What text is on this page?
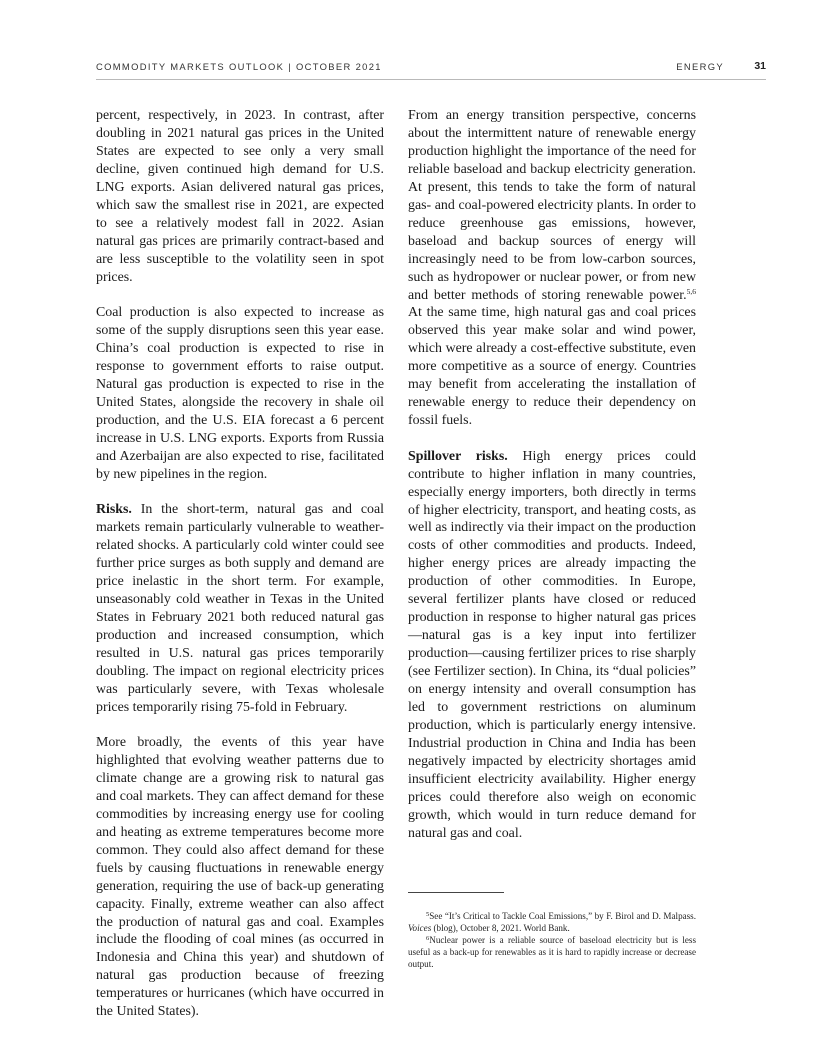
COMMODITY MARKETS OUTLOOK | OCTOBER 2021	ENERGY	31

percent, respectively, in 2023. In contrast, after doubling in 2021 natural gas prices in the United States are expected to see only a very small decline, given continued high demand for U.S. LNG exports. Asian delivered natural gas prices, which saw the smallest rise in 2021, are expected to see a relatively modest fall in 2022. Asian natural gas prices are primarily contract-based and are less susceptible to the volatility seen in spot prices.

Coal production is also expected to increase as some of the supply disruptions seen this year ease. China’s coal production is expected to rise in response to government efforts to raise output. Natural gas production is expected to rise in the United States, alongside the recovery in shale oil production, and the U.S. EIA forecast a 6 percent increase in U.S. LNG exports. Exports from Russia and Azerbaijan are also expected to rise, facilitated by new pipelines in the region.

Risks. In the short-term, natural gas and coal markets remain particularly vulnerable to weather-related shocks. A particularly cold winter could see further price surges as both supply and demand are price inelastic in the short term. For example, unseasonably cold weather in Texas in the United States in February 2021 both reduced natural gas production and increased consumption, which resulted in U.S. natural gas prices temporarily doubling. The impact on regional electricity prices was particularly severe, with Texas wholesale prices temporarily rising 75-fold in February.

More broadly, the events of this year have highlighted that evolving weather patterns due to climate change are a growing risk to natural gas and coal markets. They can affect demand for these commodities by increasing energy use for cooling and heating as extreme temperatures become more common. They could also affect demand for these fuels by causing fluctuations in renewable energy generation, requiring the use of back-up generating capacity. Finally, extreme weather can also affect the production of natural gas and coal. Examples include the flooding of coal mines (as occurred in Indonesia and China this year) and shutdown of natural gas production because of freezing temperatures or hurricanes (which have occurred in the United States).

From an energy transition perspective, concerns about the intermittent nature of renewable energy production highlight the importance of the need for reliable baseload and backup electricity generation. At present, this tends to take the form of natural gas- and coal-powered electricity plants. In order to reduce greenhouse gas emissions, however, baseload and backup sources of energy will increasingly need to be from low-carbon sources, such as hydropower or nuclear power, or from new and better methods of storing renewable power.$^{5,6}$ At the same time, high natural gas and coal prices observed this year make solar and wind power, which were already a cost-effective substitute, even more competitive as a source of energy. Countries may benefit from accelerating the installation of renewable energy to reduce their dependency on fossil fuels.

Spillover risks. High energy prices could contribute to higher inflation in many countries, especially energy importers, both directly in terms of higher electricity, transport, and heating costs, as well as indirectly via their impact on the production costs of other commodities and products. Indeed, higher energy prices are already impacting the production of other commodities. In Europe, several fertilizer plants have closed or reduced production in response to higher natural gas prices—natural gas is a key input into fertilizer production—causing fertilizer prices to rise sharply (see Fertilizer section). In China, its “dual policies” on energy intensity and overall consumption has led to government restrictions on aluminum production, which is particularly energy intensive. Industrial production in China and India has been negatively impacted by electricity shortages amid insufficient electricity availability. Higher energy prices could therefore also weigh on economic growth, which would in turn reduce demand for natural gas and coal.

$^5$See “It’s Critical to Tackle Coal Emissions,” by F. Birol and D. Malpass. Voices (blog), October 8, 2021. World Bank.

$^6$Nuclear power is a reliable source of baseload electricity but is less useful as a back-up for renewables as it is hard to rapidly increase or decrease output.
